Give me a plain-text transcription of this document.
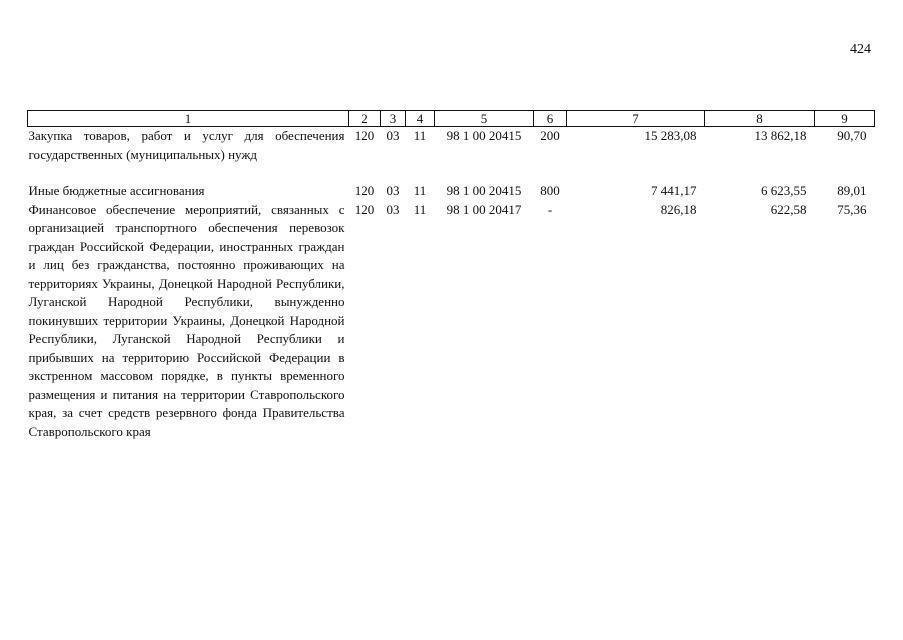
424
1	2	3	4	5	6	7	8	9
Закупка товаров, работ и услуг для обеспечения государственных (муниципальных) нужд	120	03	11	98 1 00 20415	200	15 283,08	13 862,18	90,70

Иные бюджетные ассигнования	120	03	11	98 1 00 20415	800	7 441,17	6 623,55	89,01
Финансовое обеспечение мероприятий, связанных с организацией транспортного обеспечения перевозок граждан Российской Федерации, иностранных граждан и лиц без гражданства, постоянно проживающих на территориях Украины, Донецкой Народной Республики, Луганской Народной Республики, вынужденно покинувших территории Украины, Донецкой Народной Республики, Луганской Народной Республики и прибывших на территорию Российской Федерации в экстренном массовом порядке, в пункты временного размещения и питания на территории Ставропольского края, за счет средств резервного фонда Правительства Ставропольского края	120	03	11	98 1 00 20417	-	826,18	622,58	75,36
